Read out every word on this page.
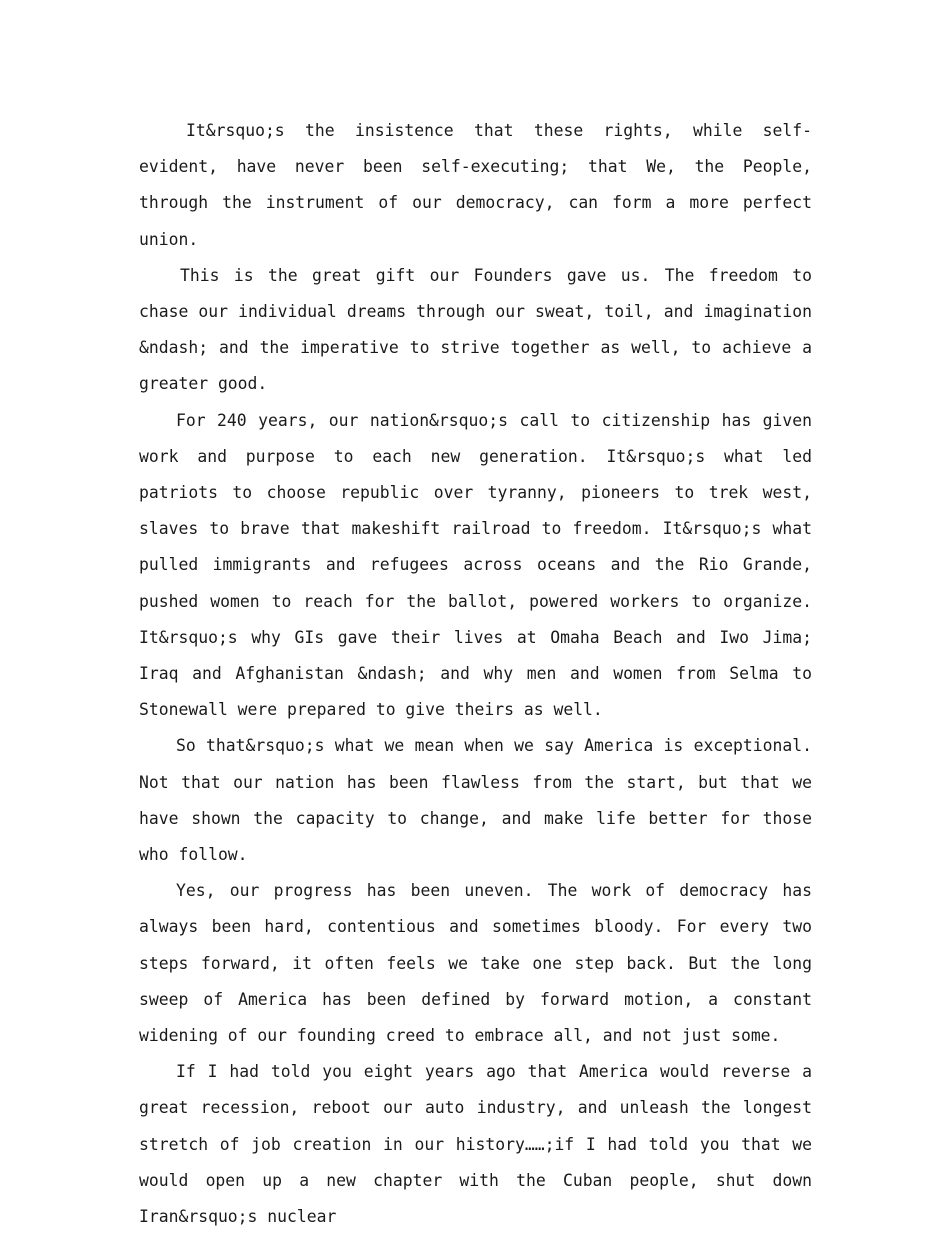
It&rsquo;s the insistence that these rights, while self-evident, have never been self-executing; that We, the People, through the instrument of our democracy, can form a more perfect union.

This is the great gift our Founders gave us. The freedom to chase our individual dreams through our sweat, toil, and imagination &ndash; and the imperative to strive together as well, to achieve a greater good.

For 240 years, our nation&rsquo;s call to citizenship has given work and purpose to each new generation. It&rsquo;s what led patriots to choose republic over tyranny, pioneers to trek west, slaves to brave that makeshift railroad to freedom. It&rsquo;s what pulled immigrants and refugees across oceans and the Rio Grande, pushed women to reach for the ballot, powered workers to organize. It&rsquo;s why GIs gave their lives at Omaha Beach and Iwo Jima; Iraq and Afghanistan &ndash; and why men and women from Selma to Stonewall were prepared to give theirs as well.

So that&rsquo;s what we mean when we say America is exceptional. Not that our nation has been flawless from the start, but that we have shown the capacity to change, and make life better for those who follow.

Yes, our progress has been uneven. The work of democracy has always been hard, contentious and sometimes bloody. For every two steps forward, it often feels we take one step back. But the long sweep of America has been defined by forward motion, a constant widening of our founding creed to embrace all, and not just some.

If I had told you eight years ago that America would reverse a great recession, reboot our auto industry, and unleash the longest stretch of job creation in our history……;if I had told you that we would open up a new chapter with the Cuban people, shut down Iran&rsquo;s nuclear
